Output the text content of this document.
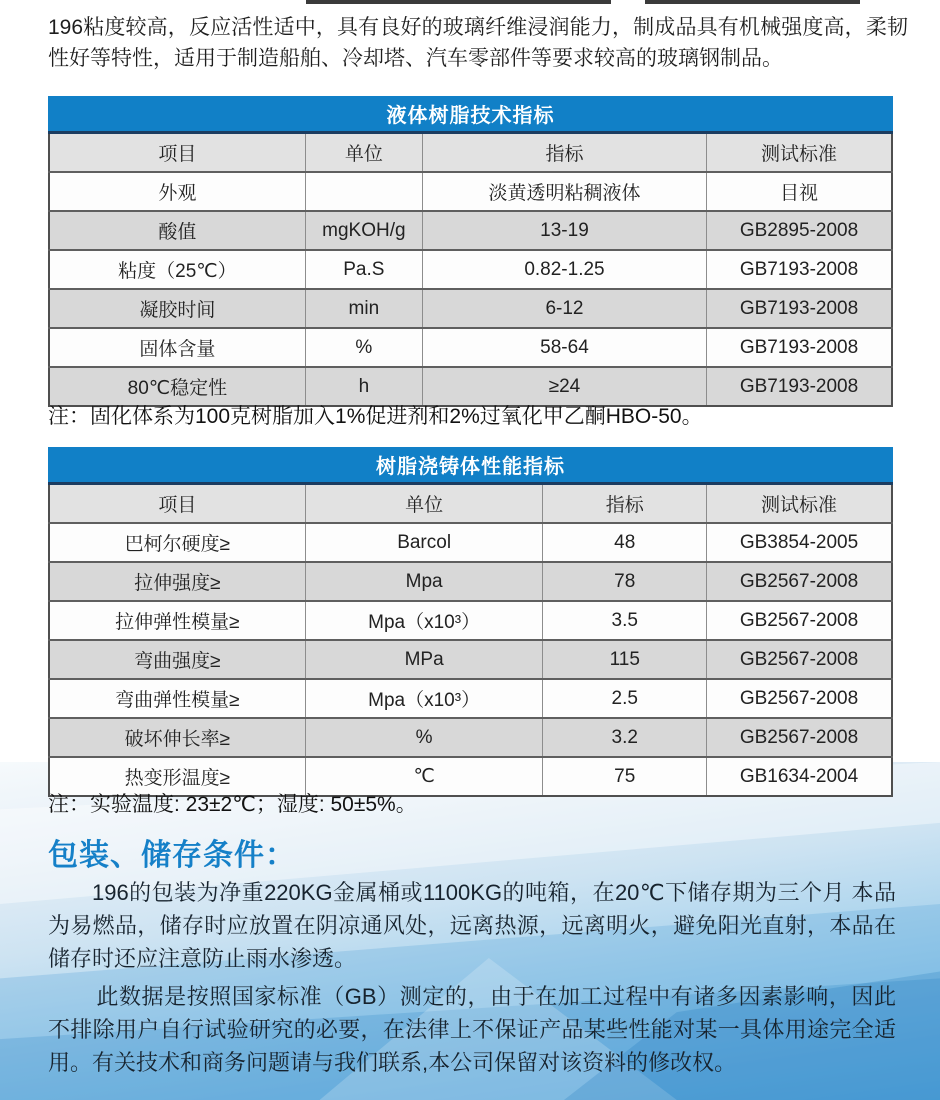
196粘度较高，反应活性适中，具有良好的玻璃纤维浸润能力，制成品具有机械强度高，柔韧性好等特性，适用于制造船舶、冷却塔、汽车零部件等要求较高的玻璃钢制品。

液体树脂技术指标
项目	单位	指标	测试标准
外观		淡黄透明粘稠液体	目视
酸值	mgKOH/g	13-19	GB2895-2008
粘度（25℃）	Pa.S	0.82-1.25	GB7193-2008
凝胶时间	min	6-12	GB7193-2008
固体含量	%	58-64	GB7193-2008
80℃稳定性	h	≥24	GB7193-2008

注：固化体系为100克树脂加入1%促进剂和2%过氧化甲乙酮HBO-50。

树脂浇铸体性能指标
项目	单位	指标	测试标准
巴柯尔硬度≥	Barcol	48	GB3854-2005
拉伸强度≥	Mpa	78	GB2567-2008
拉伸弹性模量≥	Mpa（x10³）	3.5	GB2567-2008
弯曲强度≥	MPa	115	GB2567-2008
弯曲弹性模量≥	Mpa（x10³）	2.5	GB2567-2008
破坏伸长率≥	%	3.2	GB2567-2008
热变形温度≥	℃	75	GB1634-2004

注：实验温度: 23±2℃；湿度: 50±5%。

包装、储存条件：

196的包装为净重220KG金属桶或1100KG的吨箱，在20℃下储存期为三个月 本品为易燃品，储存时应放置在阴凉通风处，远离热源，远离明火，避免阳光直射，本品在储存时还应注意防止雨水渗透。

此数据是按照国家标准（GB）测定的，由于在加工过程中有诸多因素影响，因此不排除用户自行试验研究的必要，在法律上不保证产品某些性能对某一具体用途完全适用。有关技术和商务问题请与我们联系,本公司保留对该资料的修改权。
